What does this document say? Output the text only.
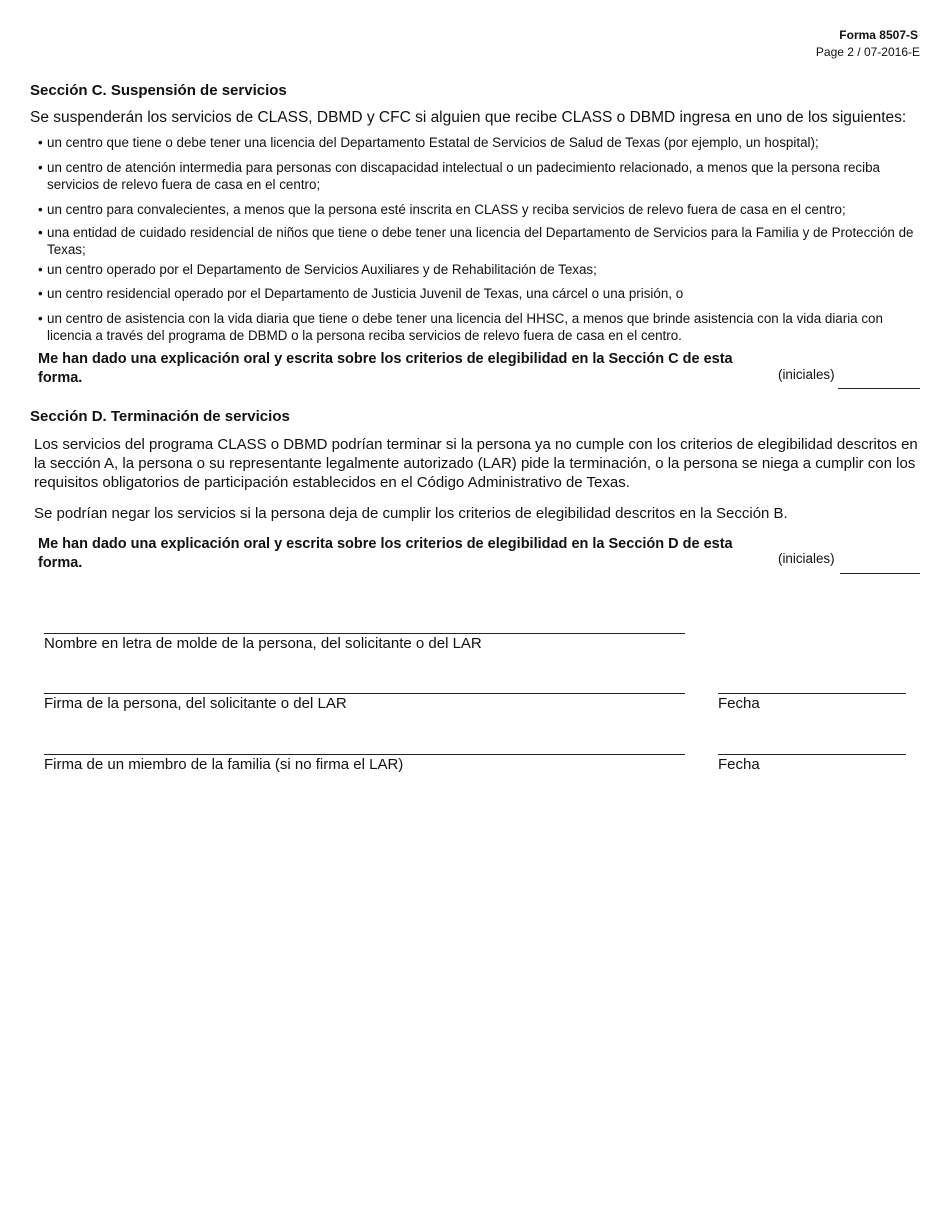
Forma 8507-S
Page 2 / 07-2016-E
Sección C. Suspensión de servicios
Se suspenderán los servicios de CLASS, DBMD y CFC si alguien que recibe CLASS o DBMD ingresa en uno de los siguientes:
• un centro que tiene o debe tener una licencia del Departamento Estatal de Servicios de Salud de Texas (por ejemplo, un hospital);
• un centro de atención intermedia para personas con discapacidad intelectual o un padecimiento relacionado, a menos que la persona reciba servicios de relevo fuera de casa en el centro;
• un centro para convalecientes, a menos que la persona esté inscrita en CLASS y reciba servicios de relevo fuera de casa en el centro;
• una entidad de cuidado residencial de niños que tiene o debe tener una licencia del Departamento de Servicios para la Familia y de Protección de Texas;
• un centro operado por el Departamento de Servicios Auxiliares y de Rehabilitación de Texas;
• un centro residencial operado por el Departamento de Justicia Juvenil de Texas, una cárcel o una prisión, o
• un centro de asistencia con la vida diaria que tiene o debe tener una licencia del HHSC, a menos que brinde asistencia con la vida diaria con licencia a través del programa de DBMD o la persona reciba servicios de relevo fuera de casa en el centro.
Me han dado una explicación oral y escrita sobre los criterios de elegibilidad en la Sección C de esta forma.	(iniciales)
Sección D. Terminación de servicios
Los servicios del programa CLASS o DBMD podrían terminar si la persona ya no cumple con los criterios de elegibilidad descritos en la sección A, la persona o su representante legalmente autorizado (LAR) pide la terminación, o la persona se niega a cumplir con los requisitos obligatorios de participación establecidos en el Código Administrativo de Texas.
Se podrían negar los servicios si la persona deja de cumplir los criterios de elegibilidad descritos en la Sección B.
Me han dado una explicación oral y escrita sobre los criterios de elegibilidad en la Sección D de esta forma.	(iniciales)
Nombre en letra de molde de la persona, del solicitante o del LAR
Firma de la persona, del solicitante o del LAR	Fecha
Firma de un miembro de la familia (si no firma el LAR)	Fecha
